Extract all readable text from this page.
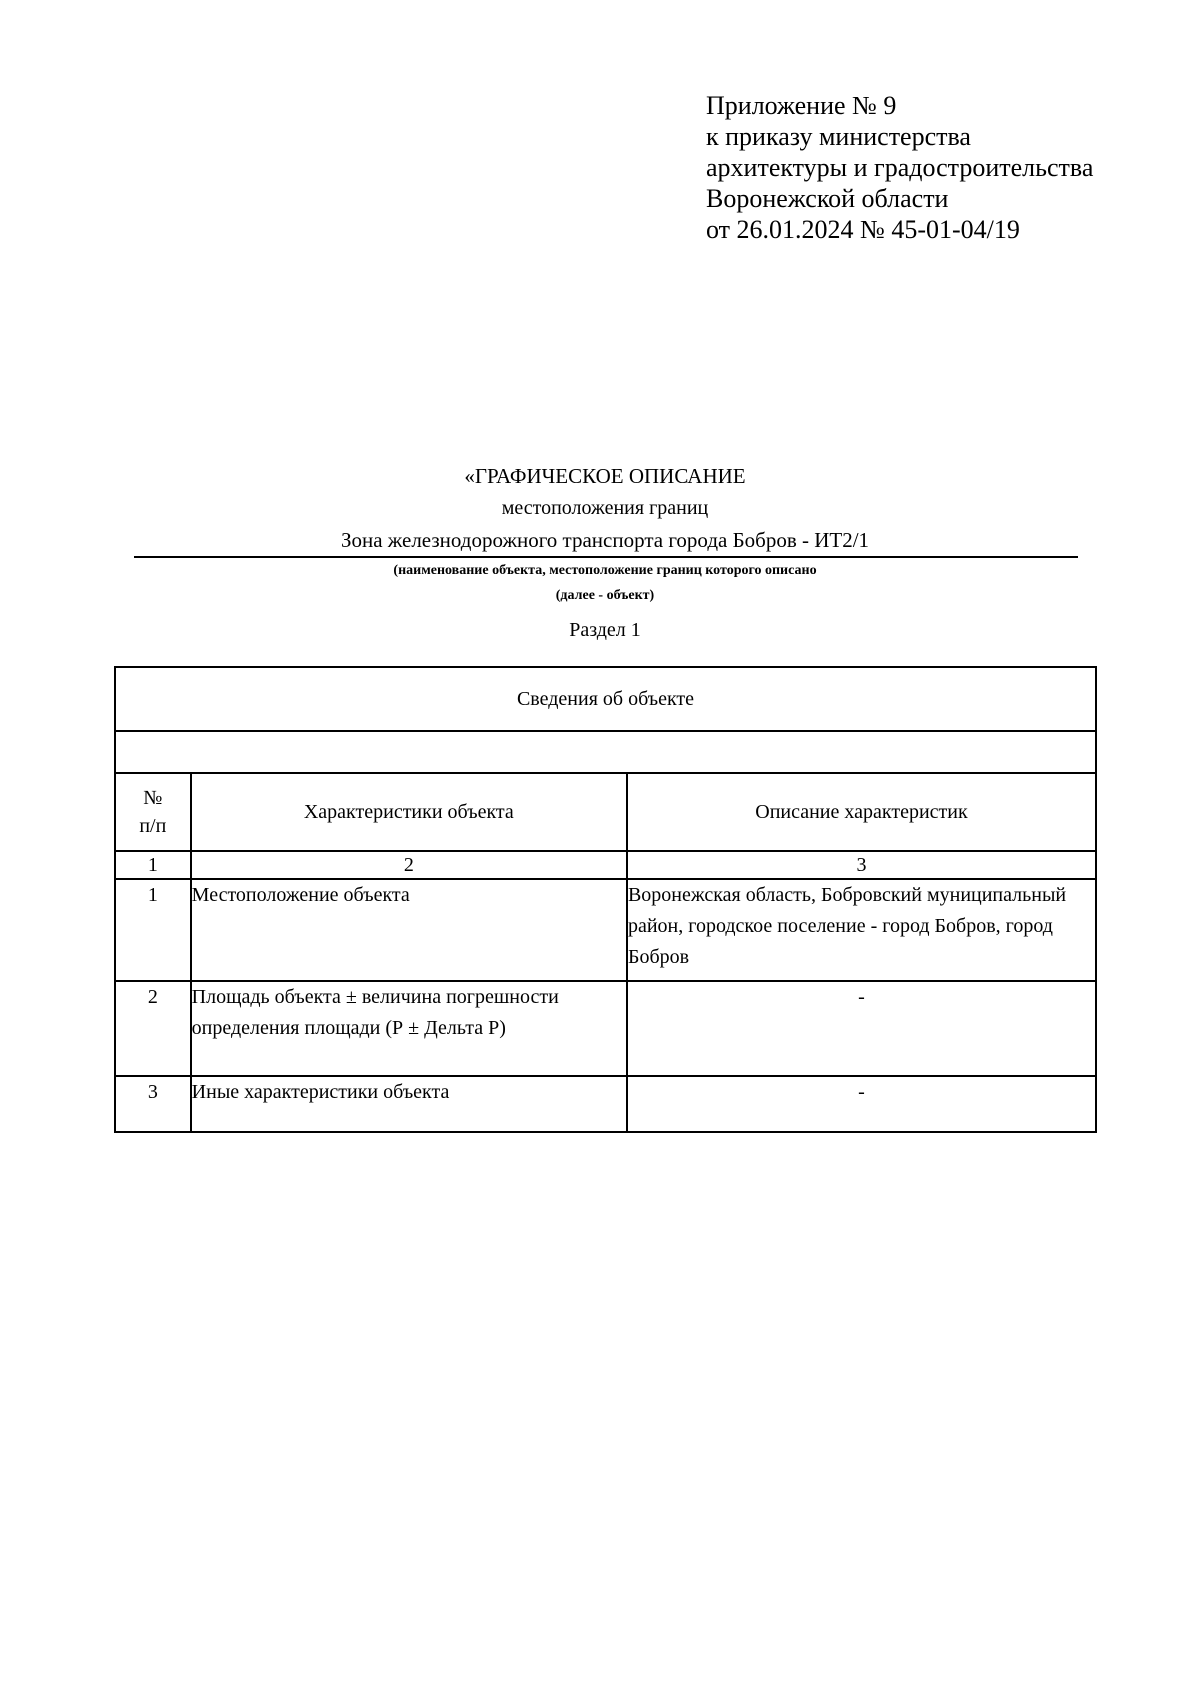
Приложение № 9
к приказу министерства
архитектуры и градостроительства
Воронежской области
от 26.01.2024 № 45-01-04/19
«ГРАФИЧЕСКОЕ ОПИСАНИЕ
местоположения границ
Зона железнодорожного транспорта города Бобров - ИТ2/1
(наименование объекта, местоположение границ которого описано
(далее - объект)
Раздел 1
Сведения об объекте		

№
п/п	Характеристики объекта	Описание характеристик
1	2	3
1	Местоположение объекта	Воронежская область, Бобровский муниципальный район, городское поселение - город Бобров, город Бобров
2	Площадь объекта ± величина погрешности определения площади (Р ± Дельта Р)	-
3	Иные характеристики объекта	-
